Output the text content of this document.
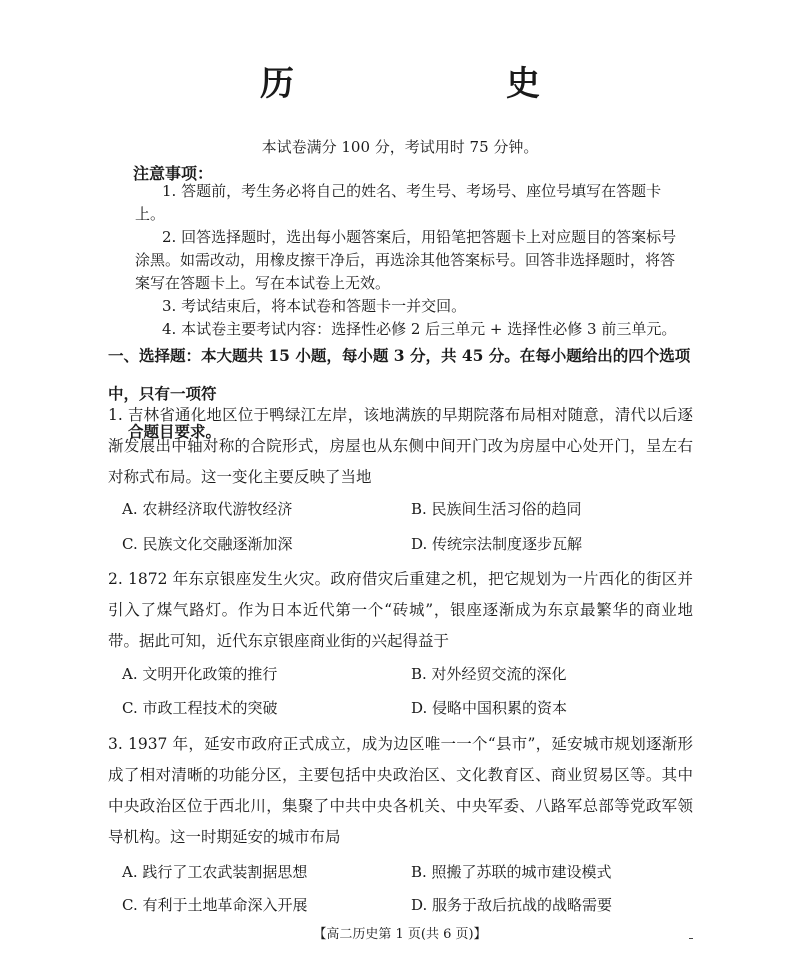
历　　史
本试卷满分 100 分，考试用时 75 分钟。
注意事项：
1. 答题前，考生务必将自己的姓名、考生号、考场号、座位号填写在答题卡上。
2. 回答选择题时，选出每小题答案后，用铅笔把答题卡上对应题目的答案标号涂黑。如需改动，用橡皮擦干净后，再选涂其他答案标号。回答非选择题时，将答案写在答题卡上。写在本试卷上无效。
3. 考试结束后，将本试卷和答题卡一并交回。
4. 本试卷主要考试内容：选择性必修 2 后三单元 + 选择性必修 3 前三单元。
一、选择题：本大题共 15 小题，每小题 3 分，共 45 分。在每小题给出的四个选项中，只有一项符
合题目要求。
1. 吉林省通化地区位于鸭绿江左岸，该地满族的早期院落布局相对随意，清代以后逐渐发展出中轴对称的合院形式，房屋也从东侧中间开门改为房屋中心处开门，呈左右对称式布局。这一变化主要反映了当地
A. 农耕经济取代游牧经济	B. 民族间生活习俗的趋同
C. 民族文化交融逐渐加深	D. 传统宗法制度逐步瓦解
2. 1872 年东京银座发生火灾。政府借灾后重建之机，把它规划为一片西化的街区并引入了煤气路灯。作为日本近代第一个“砖城”，银座逐渐成为东京最繁华的商业地带。据此可知，近代东京银座商业街的兴起得益于
A. 文明开化政策的推行	B. 对外经贸交流的深化
C. 市政工程技术的突破	D. 侵略中国积累的资本
3. 1937 年，延安市政府正式成立，成为边区唯一一个“县市”，延安城市规划逐渐形成了相对清晰的功能分区，主要包括中央政治区、文化教育区、商业贸易区等。其中中央政治区位于西北川，集聚了中共中央各机关、中央军委、八路军总部等党政军领导机构。这一时期延安的城市布局
A. 践行了工农武装割据思想	B. 照搬了苏联的城市建设模式
C. 有利于土地革命深入开展	D. 服务于敌后抗战的战略需要
【高二历史第 1 页(共 6 页)】
